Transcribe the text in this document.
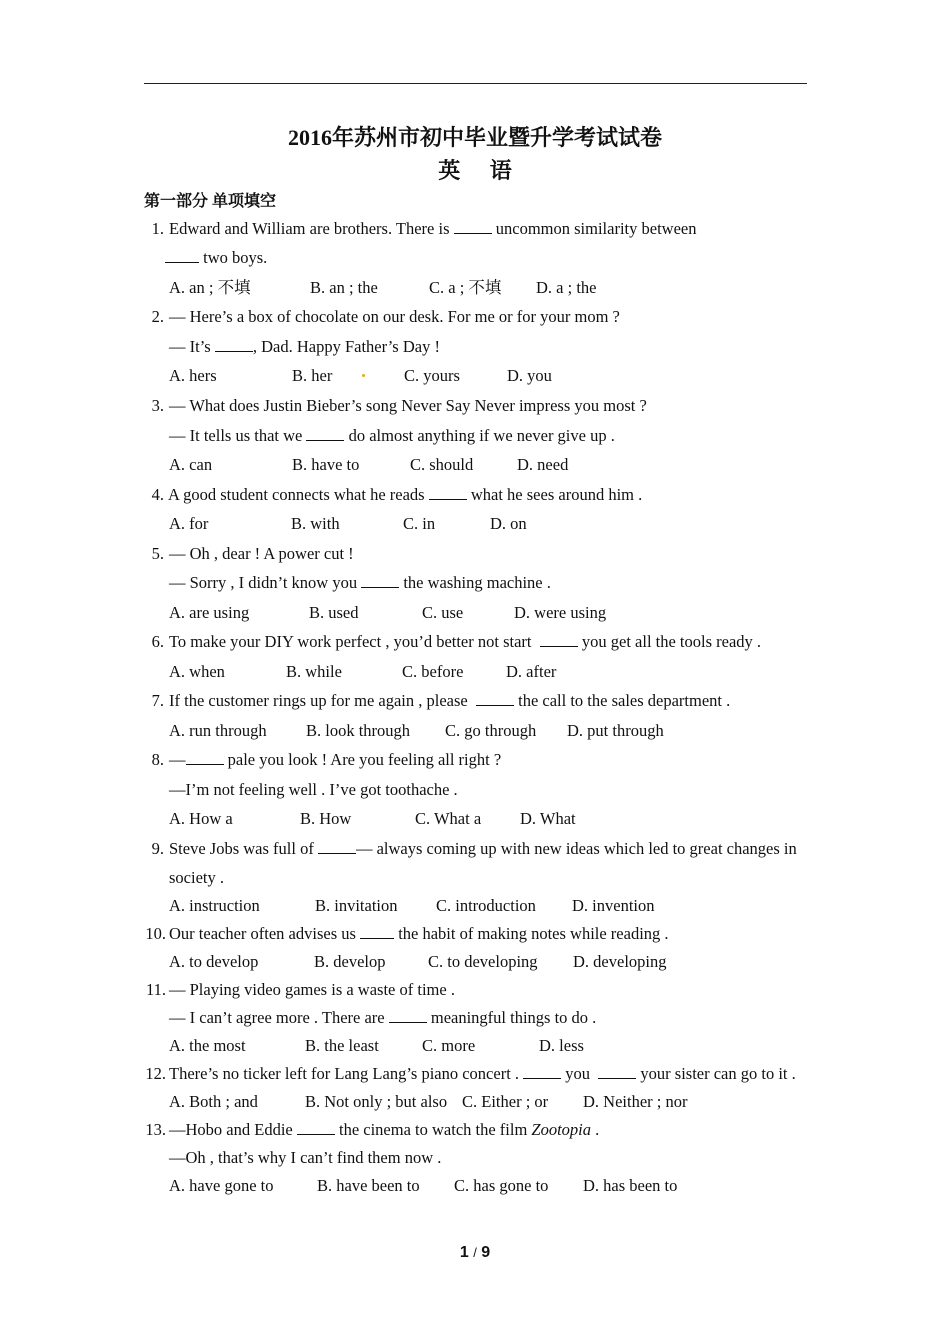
2016年苏州市初中毕业暨升学考试试卷
英 语
第一部分 单项填空
1. Edward and William are brothers. There is	uncommon similarity between
two boys.
A. an ; 不填	B. an ; the	C. a ; 不填 D. a ; the
2. — Here’s a box of chocolate on our desk. For me or for your mom ?
— It’s	, Dad. Happy Father’s Day !
A. hers	B. her	C. yours	D. you
3. — What does Justin Bieber’s song Never Say Never impress you most ?
— It tells us that we	do almost anything if we never give up .
A. can	B. have to	C. should	D. need
4. A good student connects what he reads	what he sees around him .
A. for	B. with	C. in	D. on
5. — Oh , dear ! A power cut !
— Sorry , I didn’t know you	the washing machine .
A. are using	B. used	C. use	D. were using
6. To make your DIY work perfect , you’d better not start	you get all the tools ready .
A. when	B. while	C. before	D. after
7. If the customer rings up for me again , please	the call to the sales department .
A. run through B. look through C. go through D. put through
8. —	pale you look ! Are you feeling all right ?
—I’m not feeling well . I’ve got toothache .
A. How a	B. How	C. What a D. What
9. Steve Jobs was full of	— always coming up with new ideas which led to great changes in
society .
A. instruction	B. invitation C. introduction D. invention
10. Our teacher often advises us	the habit of making notes while reading .
A. to develop	B. develop	C. to developing D. developing
11. — Playing video games is a waste of time .
— I can’t agree more . There are	meaningful things to do .
A. the most	B. the least	C. more	D. less
12. There’s no ticker left for Lang Lang’s piano concert .	you	your sister can go to it .
A. Both ; and	B. Not only ; but also C. Either ; or D. Neither ; nor
13. —Hobo and Eddie	the cinema to watch the film Zootopia .
—Oh , that’s why I can’t find them now .
A. have gone to	B. have been to C. has gone to D. has been to
1 / 9
